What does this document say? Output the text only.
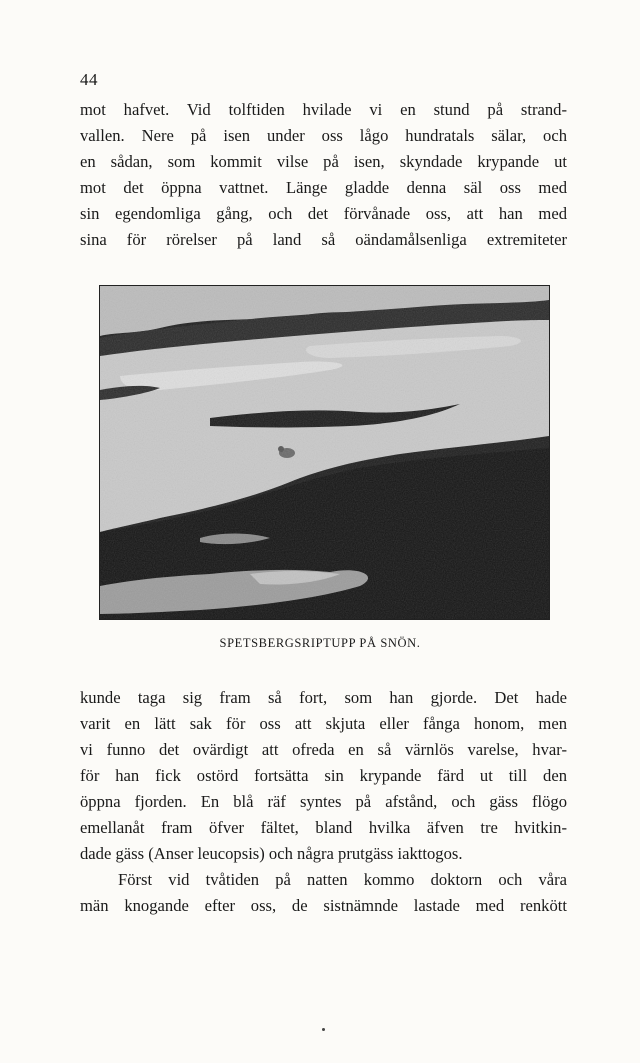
44

mot hafvet. Vid tolftiden hvilade vi en stund på strand-
vallen. Nere på isen under oss lågo hundratals sälar, och
en sådan, som kommit vilse på isen, skyndade krypande ut
mot det öppna vattnet. Länge gladde denna säl oss med
sin egendomliga gång, och det förvånade oss, att han med
sina för rörelser på land så oändamålsenliga extremiteter

SPETSBERGSRIPTUPP PÅ SNÖN.

kunde taga sig fram så fort, som han gjorde. Det hade
varit en lätt sak för oss att skjuta eller fånga honom, men
vi funno det ovärdigt att ofreda en så värnlös varelse, hvar-
för han fick ostörd fortsätta sin krypande färd ut till den
öppna fjorden. En blå räf syntes på afstånd, och gäss flögo
emellanåt fram öfver fältet, bland hvilka äfven tre hvitkin-
dade gäss (Anser leucopsis) och några prutgäss iakttogos.
Först vid tvåtiden på natten kommo doktorn och våra
män knogande efter oss, de sistnämnde lastade med renkött
